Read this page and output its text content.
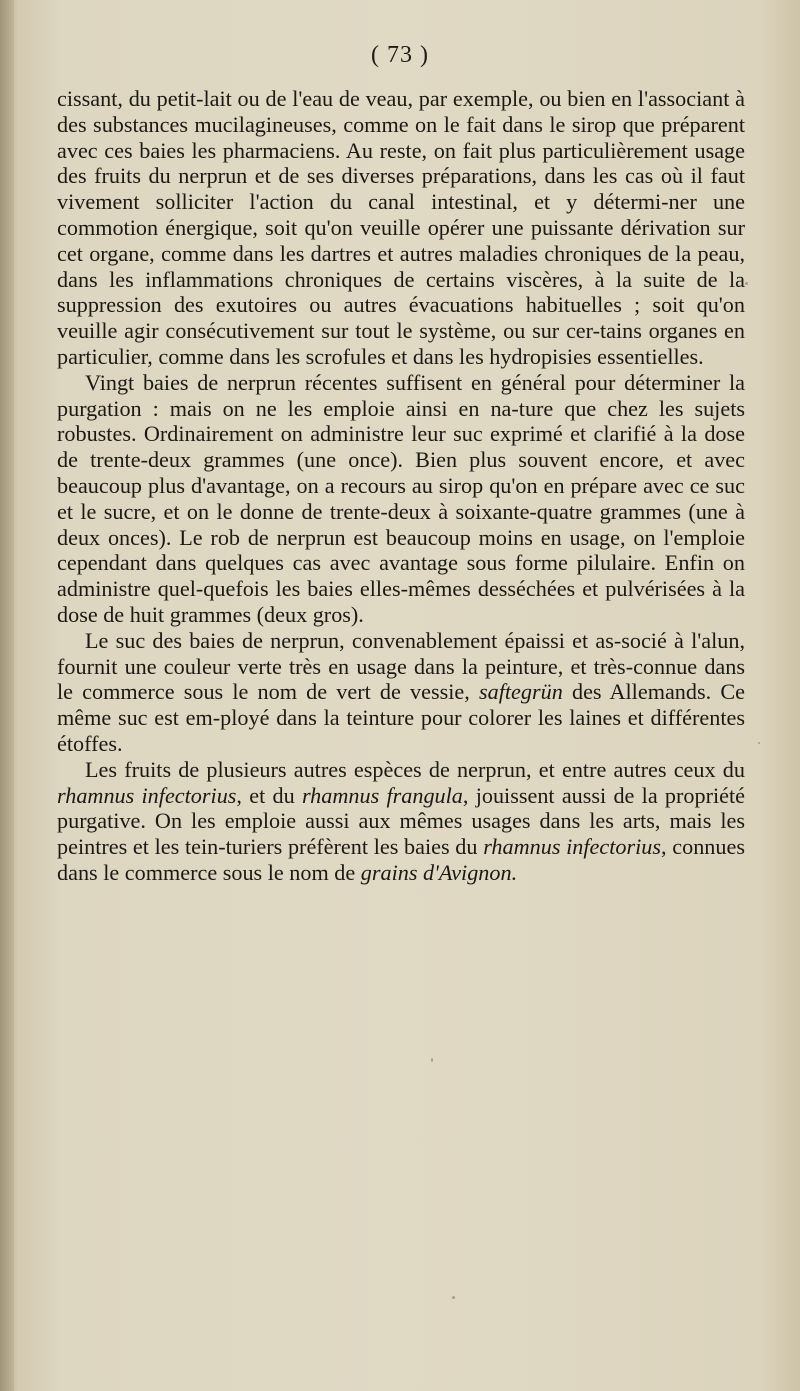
( 73 )

cissant, du petit-lait ou de l'eau de veau, par exemple, ou bien en l'associant à des substances mucilagineuses, comme on le fait dans le sirop que préparent avec ces baies les pharmaciens. Au reste, on fait plus particulièrement usage des fruits du nerprun et de ses diverses préparations, dans les cas où il faut vivement solliciter l'action du canal intestinal, et y détermi-ner une commotion énergique, soit qu'on veuille opérer une puissante dérivation sur cet organe, comme dans les dartres et autres maladies chroniques de la peau, dans les inflammations chroniques de certains viscères, à la suite de la suppression des exutoires ou autres évacuations habituelles ; soit qu'on veuille agir consécutivement sur tout le système, ou sur cer-tains organes en particulier, comme dans les scrofules et dans les hydropisies essentielles.

Vingt baies de nerprun récentes suffisent en général pour déterminer la purgation : mais on ne les emploie ainsi en na-ture que chez les sujets robustes. Ordinairement on administre leur suc exprimé et clarifié à la dose de trente-deux grammes (une once). Bien plus souvent encore, et avec beaucoup plus d'avantage, on a recours au sirop qu'on en prépare avec ce suc et le sucre, et on le donne de trente-deux à soixante-quatre grammes (une à deux onces). Le rob de nerprun est beaucoup moins en usage, on l'emploie cependant dans quelques cas avec avantage sous forme pilulaire. Enfin on administre quel-quefois les baies elles-mêmes desséchées et pulvérisées à la dose de huit grammes (deux gros).

Le suc des baies de nerprun, convenablement épaissi et as-socié à l'alun, fournit une couleur verte très en usage dans la peinture, et très-connue dans le commerce sous le nom de vert de vessie, saftegrün des Allemands. Ce même suc est em-ployé dans la teinture pour colorer les laines et différentes étoffes.

Les fruits de plusieurs autres espèces de nerprun, et entre autres ceux du rhamnus infectorius, et du rhamnus frangula, jouissent aussi de la propriété purgative. On les emploie aussi aux mêmes usages dans les arts, mais les peintres et les tein-turiers préfèrent les baies du rhamnus infectorius, connues dans le commerce sous le nom de grains d'Avignon.
